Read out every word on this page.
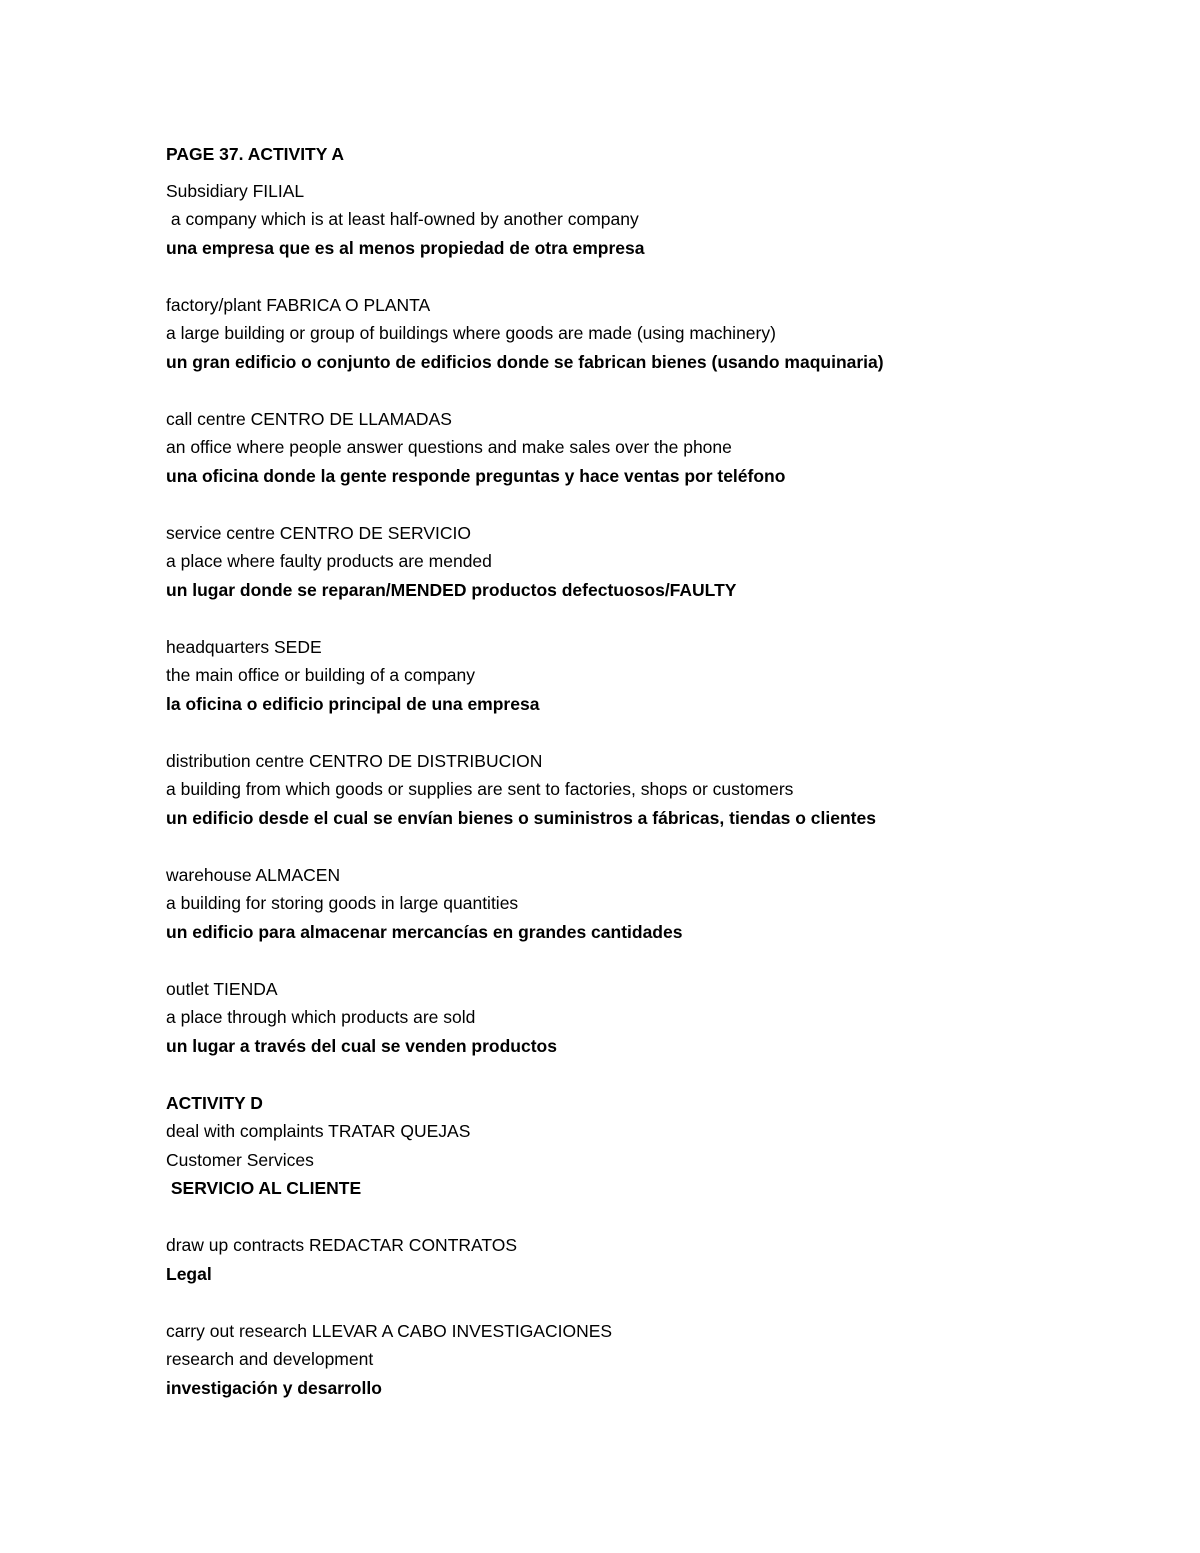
PAGE 37. ACTIVITY A
Subsidiary FILIAL
a company which is at least half-owned by another company
una empresa que es al menos propiedad de otra empresa
factory/plant FABRICA O PLANTA
a large building or group of buildings where goods are made (using machinery)
un gran edificio o conjunto de edificios donde se fabrican bienes (usando maquinaria)
call centre CENTRO DE LLAMADAS
an office where people answer questions and make sales over the phone
una oficina donde la gente responde preguntas y hace ventas por teléfono
service centre CENTRO DE SERVICIO
a place where faulty products are mended
un lugar donde se reparan/MENDED productos defectuosos/FAULTY
headquarters SEDE
the main office or building of a company
la oficina o edificio principal de una empresa
distribution centre CENTRO DE DISTRIBUCION
a building from which goods or supplies are sent to factories, shops or customers
un edificio desde el cual se envían bienes o suministros a fábricas, tiendas o clientes
warehouse ALMACEN
a building for storing goods in large quantities
un edificio para almacenar mercancías en grandes cantidades
outlet TIENDA
a place through which products are sold
un lugar a través del cual se venden productos
ACTIVITY D
deal with complaints TRATAR QUEJAS
Customer Services
SERVICIO AL CLIENTE
draw up contracts REDACTAR CONTRATOS
Legal
carry out research LLEVAR A CABO INVESTIGACIONES
research and development
investigación y desarrollo
